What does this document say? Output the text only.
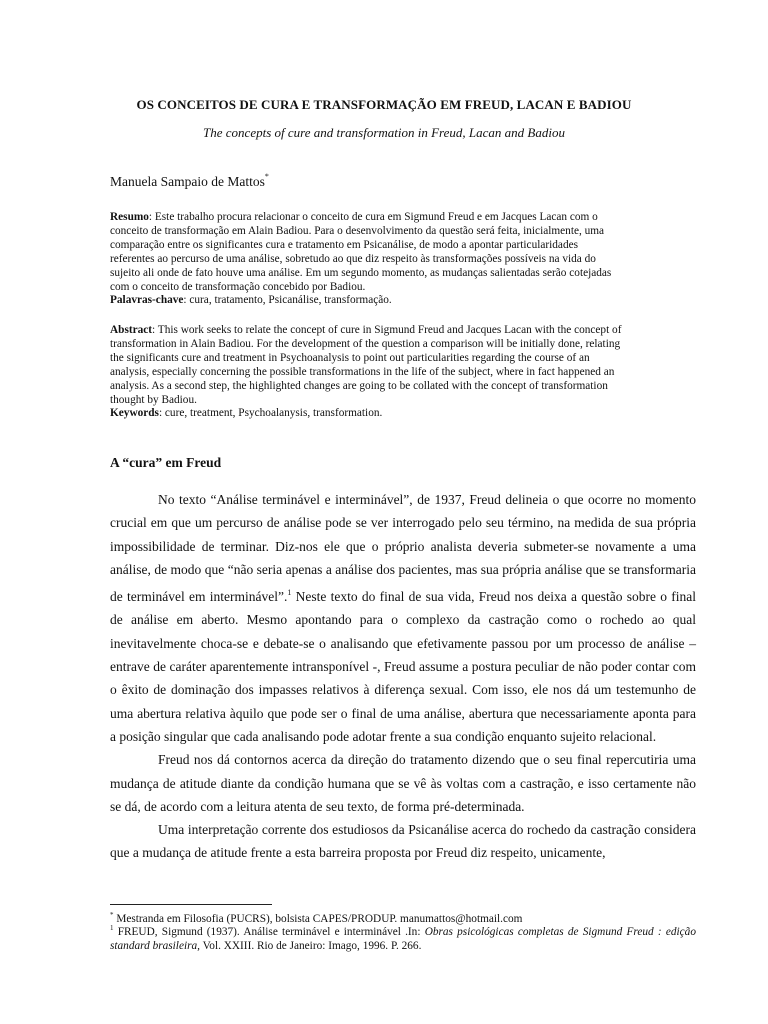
OS CONCEITOS DE CURA E TRANSFORMAÇÃO EM FREUD, LACAN E BADIOU
The concepts of cure and transformation in Freud, Lacan and Badiou
Manuela Sampaio de Mattos*
Resumo: Este trabalho procura relacionar o conceito de cura em Sigmund Freud e em Jacques Lacan com o
conceito de transformação em Alain Badiou. Para o desenvolvimento da questão será feita, inicialmente, uma
comparação entre os significantes cura e tratamento em Psicanálise, de modo a apontar particularidades
referentes ao percurso de uma análise, sobretudo ao que diz respeito às transformações possíveis na vida do
sujeito ali onde de fato houve uma análise. Em um segundo momento, as mudanças salientadas serão cotejadas
com o conceito de transformação concebido por Badiou.
Palavras-chave: cura, tratamento, Psicanálise, transformação.
Abstract: This work seeks to relate the concept of cure in Sigmund Freud and Jacques Lacan with the concept of
transformation in Alain Badiou. For the development of the question a comparison will be initially done, relating
the significants cure and treatment in Psychoanalysis to point out particularities regarding the course of an
analysis, especially concerning the possible transformations in the life of the subject, where in fact happened an
analysis. As a second step, the highlighted changes are going to be collated with the concept of transformation
thought by Badiou.
Keywords: cure, treatment, Psychoalanysis, transformation.
A “cura” em Freud

No texto “Análise terminável e interminável”, de 1937, Freud delineia o que ocorre no momento crucial em que um percurso de análise pode se ver interrogado pelo seu término, na medida de sua própria impossibilidade de terminar. Diz-nos ele que o próprio analista deveria submeter-se novamente a uma análise, de modo que “não seria apenas a análise dos pacientes, mas sua própria análise que se transformaria de terminável em interminável”.$^1$ Neste texto do final de sua vida, Freud nos deixa a questão sobre o final de análise em aberto. Mesmo apontando para o complexo da castração como o rochedo ao qual inevitavelmente choca-se e debate-se o analisando que efetivamente passou por um processo de análise – entrave de caráter aparentemente intransponível -, Freud assume a postura peculiar de não poder contar com o êxito de dominação dos impasses relativos à diferença sexual. Com isso, ele nos dá um testemunho de uma abertura relativa àquilo que pode ser o final de uma análise, abertura que necessariamente aponta para a posição singular que cada analisando pode adotar frente a sua condição enquanto sujeito relacional.

Freud nos dá contornos acerca da direção do tratamento dizendo que o seu final repercutiria uma mudança de atitude diante da condição humana que se vê às voltas com a castração, e isso certamente não se dá, de acordo com a leitura atenta de seu texto, de forma pré-determinada.

Uma interpretação corrente dos estudiosos da Psicanálise acerca do rochedo da castração considera que a mudança de atitude frente a esta barreira proposta por Freud diz respeito, unicamente,

* Mestranda em Filosofia (PUCRS), bolsista CAPES/PRODUP. manumattos@hotmail.com
$^1$ FREUD, Sigmund (1937). Análise terminável e interminável .In: Obras psicológicas completas de Sigmund Freud : edição standard brasileira, Vol. XXIII. Rio de Janeiro: Imago, 1996. P. 266.
